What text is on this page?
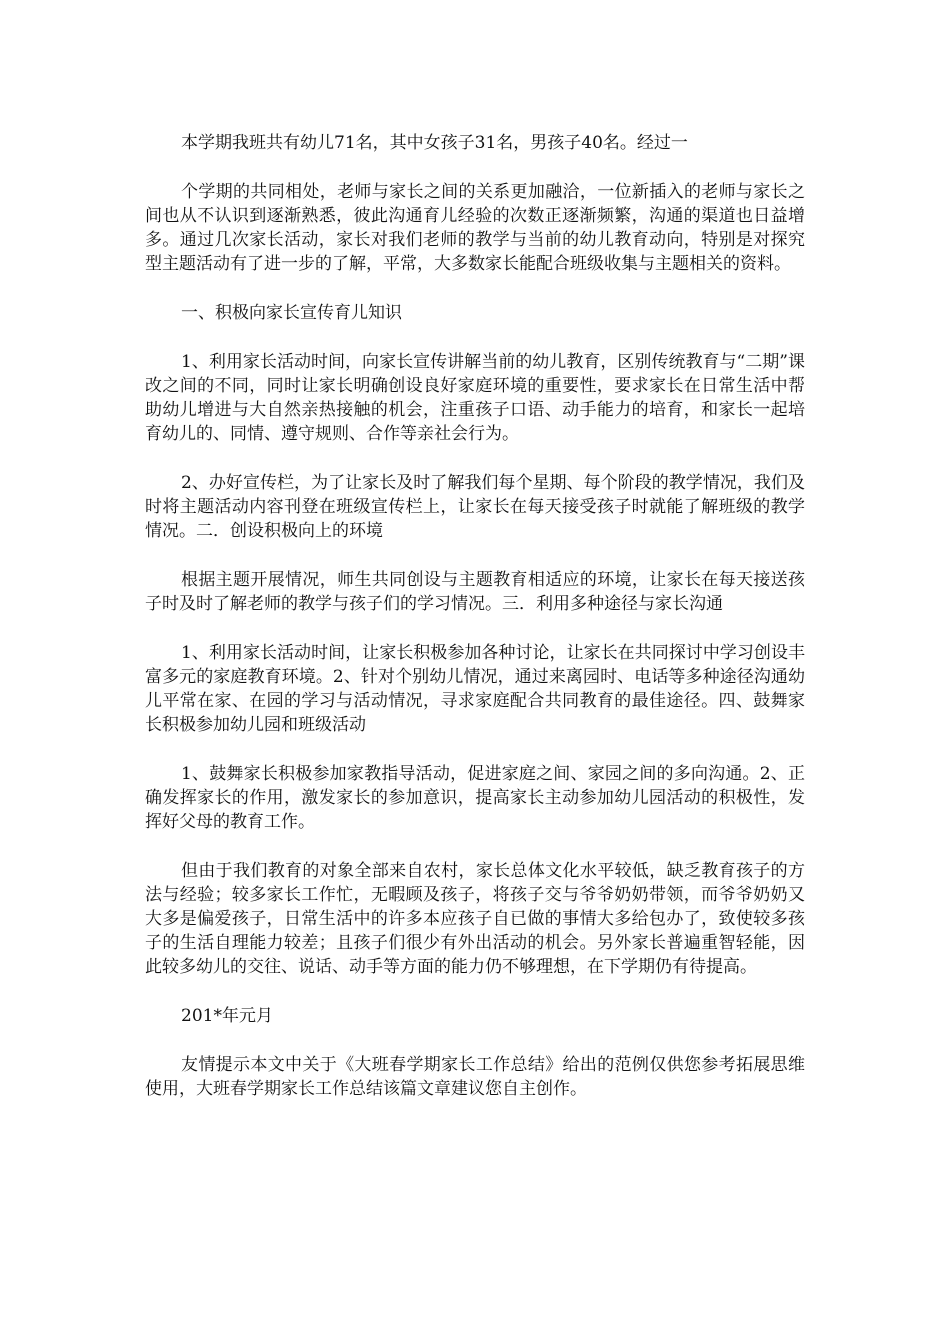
本学期我班共有幼儿71名，其中女孩子31名，男孩子40名。经过一

个学期的共同相处，老师与家长之间的关系更加融洽，一位新插入的老师与家长之间也从不认识到逐渐熟悉，彼此沟通育儿经验的次数正逐渐频繁，沟通的渠道也日益增多。通过几次家长活动，家长对我们老师的教学与当前的幼儿教育动向，特别是对探究型主题活动有了进一步的了解，平常，大多数家长能配合班级收集与主题相关的资料。

一、积极向家长宣传育儿知识

1、利用家长活动时间，向家长宣传讲解当前的幼儿教育，区别传统教育与“二期”课改之间的不同，同时让家长明确创设良好家庭环境的重要性，要求家长在日常生活中帮助幼儿增进与大自然亲热接触的机会，注重孩子口语、动手能力的培育，和家长一起培育幼儿的、同情、遵守规则、合作等亲社会行为。

2、办好宣传栏，为了让家长及时了解我们每个星期、每个阶段的教学情况，我们及时将主题活动内容刊登在班级宣传栏上，让家长在每天接受孩子时就能了解班级的教学情况。二．创设积极向上的环境

根据主题开展情况，师生共同创设与主题教育相适应的环境，让家长在每天接送孩子时及时了解老师的教学与孩子们的学习情况。三．利用多种途径与家长沟通

1、利用家长活动时间，让家长积极参加各种讨论，让家长在共同探讨中学习创设丰富多元的家庭教育环境。2、针对个别幼儿情况，通过来离园时、电话等多种途径沟通幼儿平常在家、在园的学习与活动情况，寻求家庭配合共同教育的最佳途径。四、鼓舞家长积极参加幼儿园和班级活动

1、鼓舞家长积极参加家教指导活动，促进家庭之间、家园之间的多向沟通。2、正确发挥家长的作用，激发家长的参加意识，提高家长主动参加幼儿园活动的积极性，发挥好父母的教育工作。

但由于我们教育的对象全部来自农村，家长总体文化水平较低，缺乏教育孩子的方法与经验；较多家长工作忙，无暇顾及孩子，将孩子交与爷爷奶奶带领，而爷爷奶奶又大多是偏爱孩子，日常生活中的许多本应孩子自已做的事情大多给包办了，致使较多孩子的生活自理能力较差；且孩子们很少有外出活动的机会。另外家长普遍重智轻能，因此较多幼儿的交往、说话、动手等方面的能力仍不够理想，在下学期仍有待提高。

201*年元月

友情提示本文中关于《大班春学期家长工作总结》给出的范例仅供您参考拓展思维使用，大班春学期家长工作总结该篇文章建议您自主创作。
